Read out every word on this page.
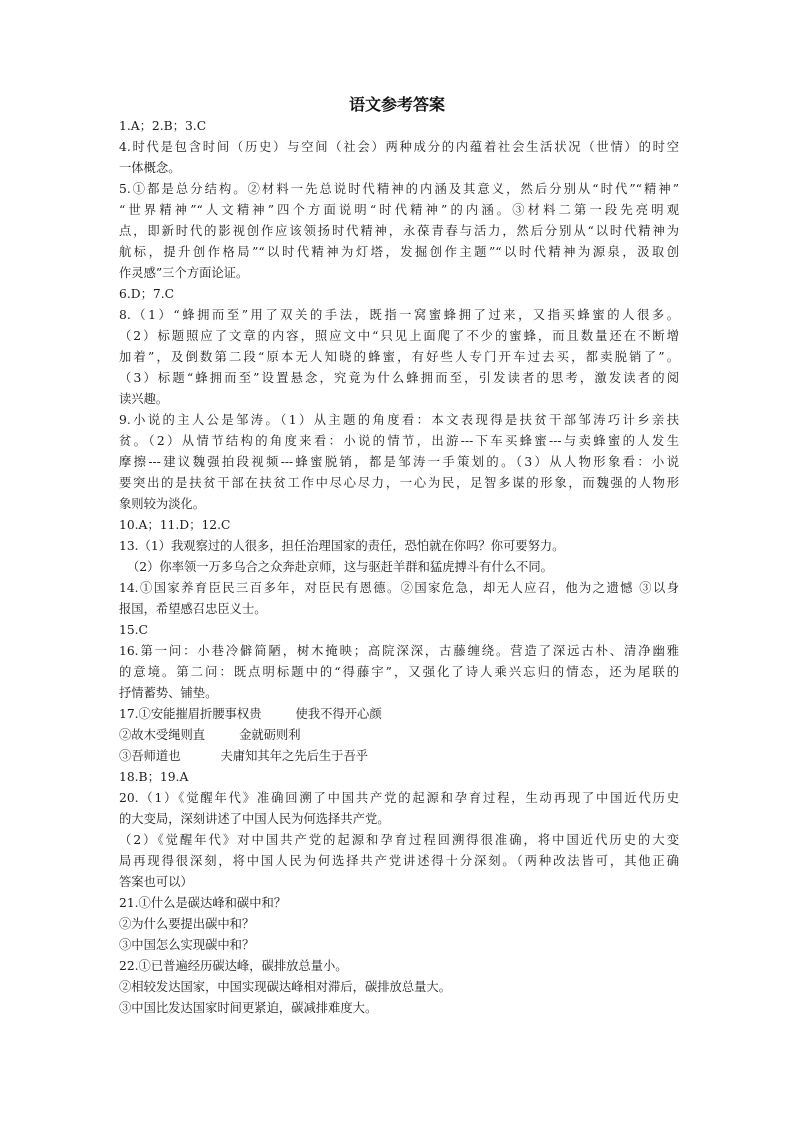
语文参考答案
1.A；2.B；3.C
4.时代是包含时间（历史）与空间（社会）两种成分的内蕴着社会生活状况（世情）的时空
一体概念。
5.①都是总分结构。②材料一先总说时代精神的内涵及其意义，然后分别从“时代”“精神”
“世界精神”“人文精神”四个方面说明“时代精神”的内涵。③材料二第一段先亮明观
点，即新时代的影视创作应该领扬时代精神，永葆青春与活力，然后分别从“以时代精神为
航标，提升创作格局”“以时代精神为灯塔，发掘创作主题”“以时代精神为源泉，汲取创
作灵感”三个方面论证。
6.D；7.C
8.（1）“蜂拥而至”用了双关的手法，既指一窝蜜蜂拥了过来，又指买蜂蜜的人很多。
（2）标题照应了文章的内容，照应文中“只见上面爬了不少的蜜蜂，而且数量还在不断增
加着”，及倒数第二段“原本无人知晓的蜂蜜，有好些人专门开车过去买，都卖脱销了”。
（3）标题“蜂拥而至”设置悬念，究竟为什么蜂拥而至，引发读者的思考，激发读者的阅
读兴趣。
9.小说的主人公是邹涛。（1）从主题的角度看：本文表现得是扶贫干部邹涛巧计乡亲扶
贫。（2）从情节结构的角度来看：小说的情节，出游---下车买蜂蜜---与卖蜂蜜的人发生
摩擦---建议魏强拍段视频---蜂蜜脱销，都是邹涛一手策划的。（3）从人物形象看：小说
要突出的是扶贫干部在扶贫工作中尽心尽力，一心为民，足智多谋的形象，而魏强的人物形
象则较为淡化。
10.A；11.D；12.C
13.（1）我观察过的人很多，担任治理国家的责任，恐怕就在你吗？你可要努力。
（2）你率领一万多乌合之众奔赴京师，这与驱赶羊群和猛虎搏斗有什么不同。
14.①国家养育臣民三百多年，对臣民有恩德。②国家危急，却无人应召，他为之遗憾 ③以身
报国，希望感召忠臣义士。
15.C
16.第一问：小巷冷僻简陋，树木掩映；高院深深，古藤缠绕。营造了深远古朴、清净幽雅
的意境。第二问：既点明标题中的“得藤宇”，又强化了诗人乘兴忘归的情态，还为尾联的
抒情蓄势、铺垫。
17.①安能摧眉折腰事权贵	使我不得开心颜
②故木受绳则直	金就砺则利
③吾师道也	夫庸知其年之先后生于吾乎
18.B；19.A
20.（1）《觉醒年代》准确回溯了中国共产党的起源和孕育过程，生动再现了中国近代历史
的大变局，深刻讲述了中国人民为何选择共产党。
（2）《觉醒年代》对中国共产党的起源和孕育过程回溯得很准确，将中国近代历史的大变
局再现得很深刻，将中国人民为何选择共产党讲述得十分深刻。（两种改法皆可，其他正确
答案也可以）
21.①什么是碳达峰和碳中和？
②为什么要提出碳中和？
③中国怎么实现碳中和？
22.①已普遍经历碳达峰，碳排放总量小。
②相较发达国家，中国实现碳达峰相对滞后，碳排放总量大。
③中国比发达国家时间更紧迫，碳减排难度大。
